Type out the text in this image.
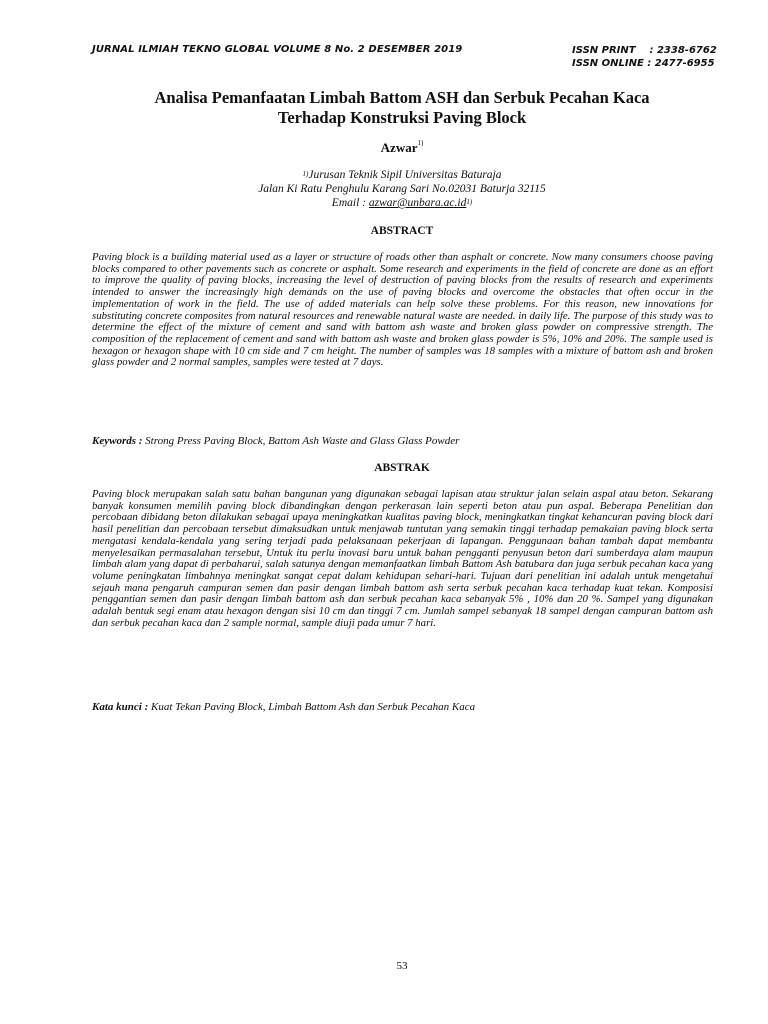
JURNAL ILMIAH TEKNO GLOBAL VOLUME 8 No. 2 DESEMBER 2019	ISSN PRINT    : 2338-6762
ISSN ONLINE : 2477-6955
Analisa Pemanfaatan Limbah Battom ASH dan Serbuk Pecahan Kaca
Terhadap Konstruksi Paving Block
Azwar$^{1)}$
$^{1)}$Jurusan Teknik Sipil Universitas Baturaja
Jalan Ki Ratu Penghulu Karang Sari No.02031 Baturja 32115
Email : $azwar@unbara.ac.id^{1)}$
ABSTRACT
Paving block is a building material used as a layer or structure of roads other than asphalt or concrete. Now many consumers choose paving blocks compared to other pavements such as concrete or asphalt. Some research and experiments in the field of concrete are done as an effort to improve the quality of paving blocks, increasing the level of destruction of paving blocks from the results of research and experiments intended to answer the increasingly high demands on the use of paving blocks and overcome the obstacles that often occur in the implementation of work in the field. The use of added materials can help solve these problems. For this reason, new innovations for substituting concrete composites from natural resources and renewable natural waste are needed. in daily life. The purpose of this study was to determine the effect of the mixture of cement and sand with battom ash waste and broken glass powder on compressive strength. The composition of the replacement of cement and sand with battom ash waste and broken glass powder is 5%, 10% and 20%. The sample used is hexagon or hexagon shape with 10 cm side and 7 cm height. The number of samples was 18 samples with a mixture of battom ash and broken glass powder and 2 normal samples, samples were tested at 7 days.
Keywords : Strong Press Paving Block, Battom Ash Waste and Glass Glass Powder
ABSTRAK
Paving block merupakan salah satu bahan bangunan yang digunakan sebagai lapisan atau struktur jalan selain aspal atau beton. Sekarang banyak konsumen memilih paving block dibandingkan dengan perkerasan lain seperti beton atau pun aspal. Beberapa Penelitian dan percobaan dibidang beton dilakukan sebagai upaya meningkatkan kualitas paving block, meningkatkan tingkat kehancuran paving block dari hasil penelitian dan percobaan tersebut dimaksudkan untuk menjawab tuntutan yang semakin tinggi terhadap pemakaian paving block serta mengatasi kendala-kendala yang sering terjadi pada pelaksanaan pekerjaan di lapangan. Penggunaan bahan tambah dapat membantu menyelesaikan permasalahan tersebut, Untuk itu perlu inovasi baru untuk bahan pengganti penyusun beton dari sumberdaya alam maupun limbah alam yang dapat di perbaharui, salah satunya dengan memanfaatkan limbah Battom Ash batubara dan juga serbuk pecahan kaca yang volume peningkatan limbahnya meningkat sangat cepat dalam kehidupan sehari-hari. Tujuan dari penelitian ini adalah untuk mengetahui sejauh mana pengaruh campuran semen dan pasir dengan limbah battom ash serta serbuk pecahan kaca terhadap kuat tekan. Komposisi penggantian semen dan pasir dengan limbah battom ash dan serbuk pecahan kaca sebanyak 5% , 10% dan 20 %. Sampel yang digunakan adalah bentuk segi enam atau hexagon dengan sisi 10 cm dan tinggi 7 cm. Jumlah sampel sebanyak 18 sampel dengan campuran battom ash dan serbuk pecahan kaca dan 2 sample normal, sample diuji pada umur 7 hari.
Kata kunci : Kuat Tekan Paving Block, Limbah Battom Ash dan Serbuk Pecahan Kaca
53
